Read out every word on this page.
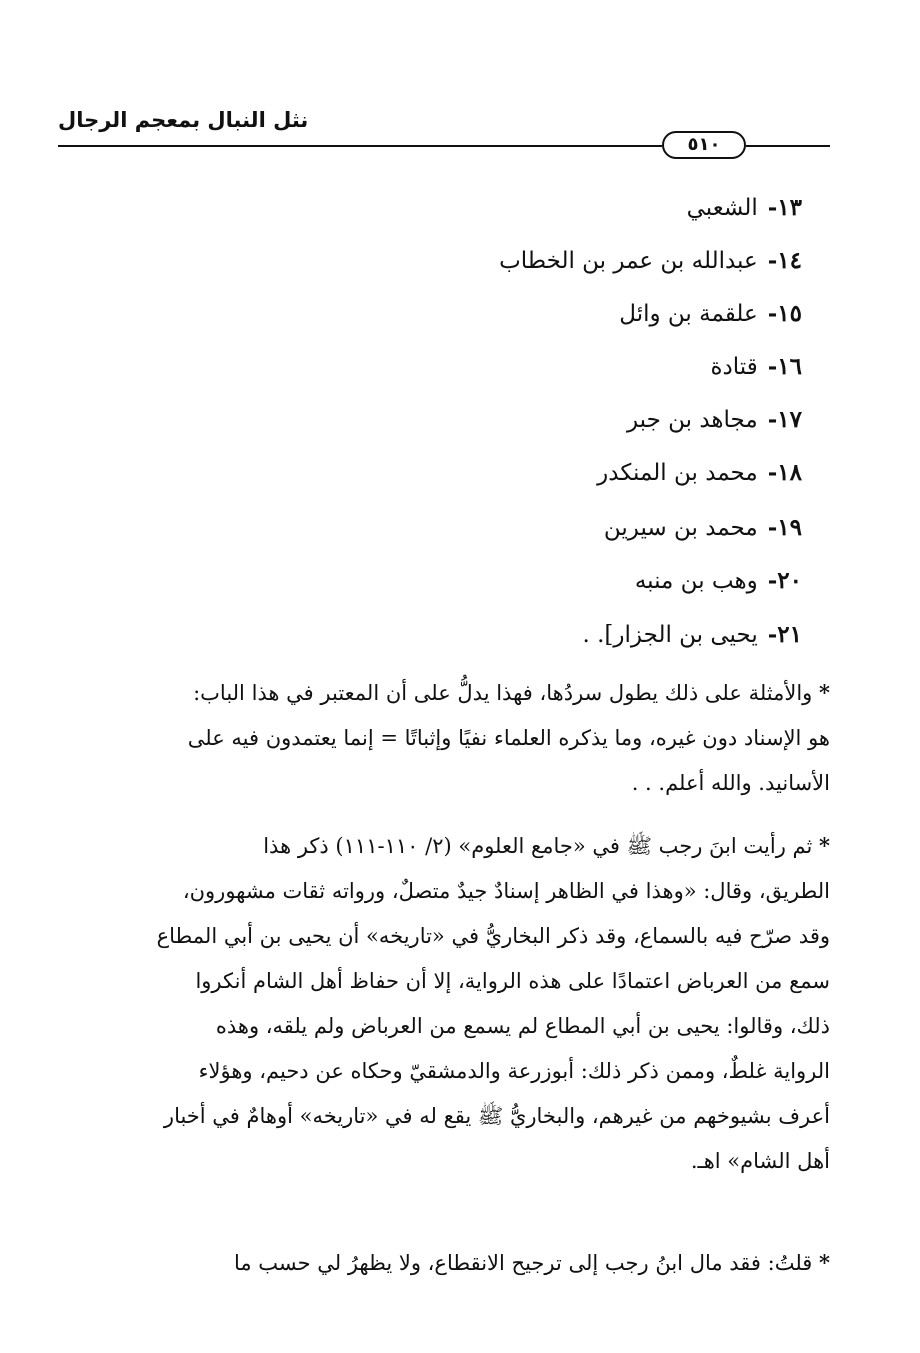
نثل النبال بمعجم الرجال
٥١٠
١٣-الشعبي
١٤-عبدالله بن عمر بن الخطاب
١٥-علقمة بن وائل
١٦-قتادة
١٧-مجاهد بن جبر
١٨-محمد بن المنكدر
١٩-محمد بن سيرين
٢٠-وهب بن منبه
٢١-يحيى بن الجزار]. .
* والأمثلة على ذلك يطول سردُها، فهذا يدلُّ على أن المعتبر في هذا الباب:
هو الإسناد دون غيره، وما يذكره العلماء نفيًا وإثباتًا = إنما يعتمدون فيه على
الأسانيد. والله أعلم. . .
* ثم رأيت ابنَ رجب ﷺ في «جامع العلوم» (٢/ ١١٠-١١١) ذكر هذا
الطريق، وقال: «وهذا في الظاهر إسنادٌ جيدٌ متصلٌ، ورواته ثقات مشهورون،
وقد صرّح فيه بالسماع، وقد ذكر البخاريُّ في «تاريخه» أن يحيى بن أبي المطاع
سمع من العرباض اعتمادًا على هذه الرواية، إلا أن حفاظ أهل الشام أنكروا
ذلك، وقالوا: يحيى بن أبي المطاع لم يسمع من العرباض ولم يلقه، وهذه
الرواية غلطٌ، وممن ذكر ذلك: أبوزرعة والدمشقيّ وحكاه عن دحيم، وهؤلاء
أعرف بشيوخهم من غيرهم، والبخاريُّ ﷺ يقع له في «تاريخه» أوهامٌ في أخبار
أهل الشام» اهـ.
* قلتُ: فقد مال ابنُ رجب إلى ترجيح الانقطاع، ولا يظهرُ لي حسب ما
